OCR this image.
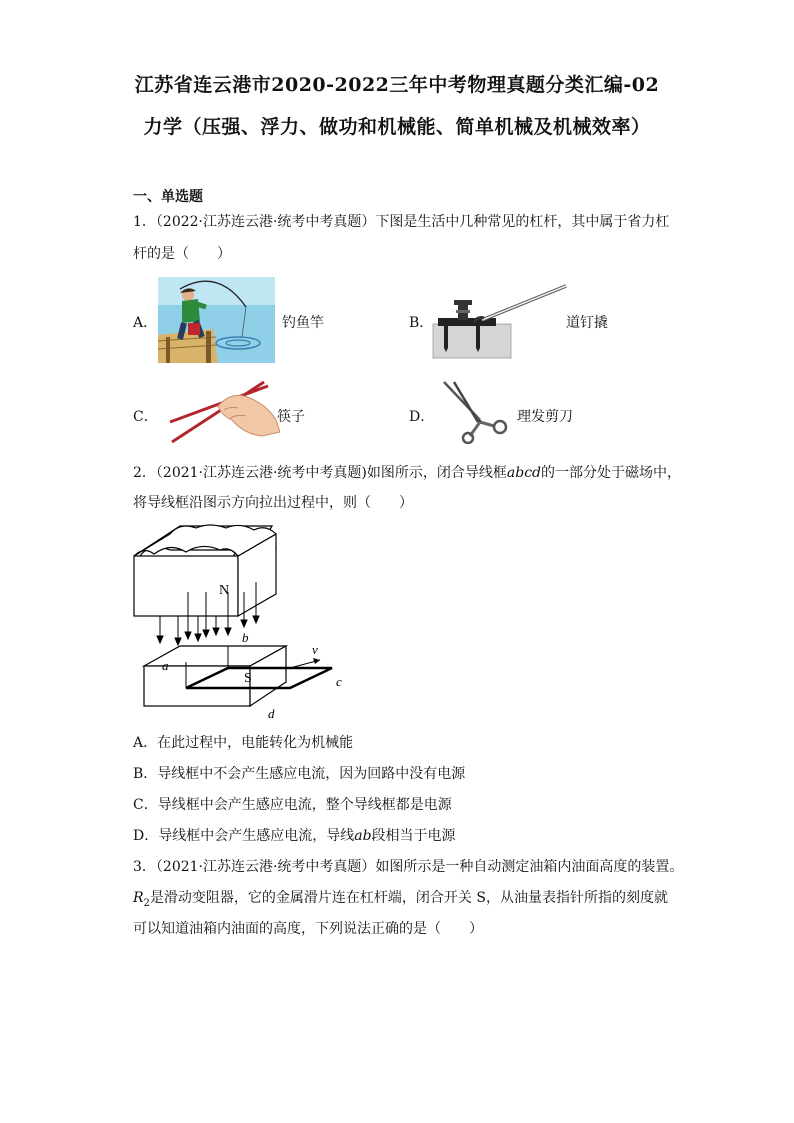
江苏省连云港市2020-2022三年中考物理真题分类汇编-02
力学（压强、浮力、做功和机械能、简单机械及机械效率）
一、单选题
1．（2022·江苏连云港·统考中考真题）下图是生活中几种常见的杠杆，其中属于省力杠
杆的是（　　）
A．	钓鱼竿	B．	道钉撬
C．	筷子	D．	理发剪刀
2．（2021·江苏连云港·统考中考真题)如图所示，闭合导线框abcd的一部分处于磁场中，
将导线框沿图示方向拉出过程中，则（　　）
N
S
a
b
c
d
v
A．在此过程中，电能转化为机械能
B．导线框中不会产生感应电流，因为回路中没有电源
C．导线框中会产生感应电流，整个导线框都是电源
D．导线框中会产生感应电流，导线ab段相当于电源
3．（2021·江苏连云港·统考中考真题）如图所示是一种自动测定油箱内油面高度的装置。
$R_2$是滑动变阻器，它的金属滑片连在杠杆端，闭合开关 S，从油量表指针所指的刻度就
可以知道油箱内油面的高度，下列说法正确的是（　　）
